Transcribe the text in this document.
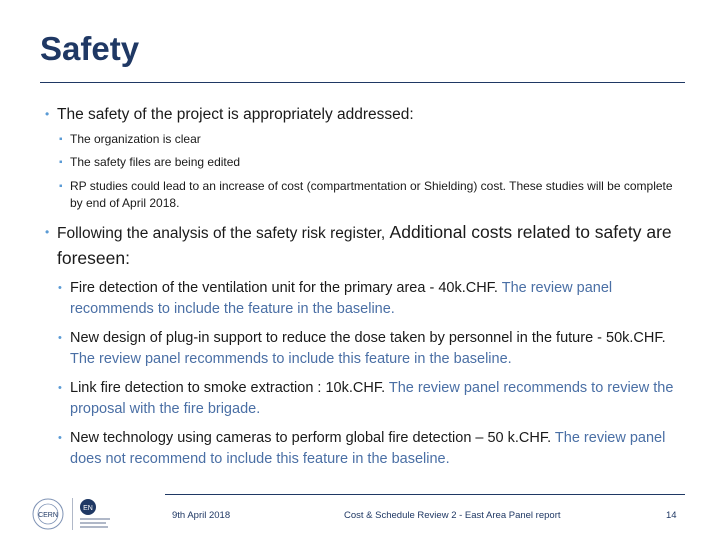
Safety
• The safety of the project is appropriately addressed:
▪ The organization is clear
▪ The safety files are being edited
▪ RP studies could lead to an increase of cost (compartmentation or Shielding) cost. These studies will be complete by end of April 2018.
• Following the analysis of the safety risk register, Additional costs related to safety are foreseen:
• Fire detection of the ventilation unit for the primary area - 40k.CHF. The review panel recommends to include the feature in the baseline.
• New design of plug-in support to reduce the dose taken by personnel in the future - 50k.CHF. The review panel recommends to include this feature in the baseline.
• Link fire detection to smoke extraction : 10k.CHF. The review panel recommends to review the proposal with the fire brigade.
• New technology using cameras to perform global fire detection – 50 k.CHF. The review panel does not recommend to include this feature in the baseline.
CERN
EN
9th April 2018	Cost & Schedule Review 2 - East Area Panel report	14
